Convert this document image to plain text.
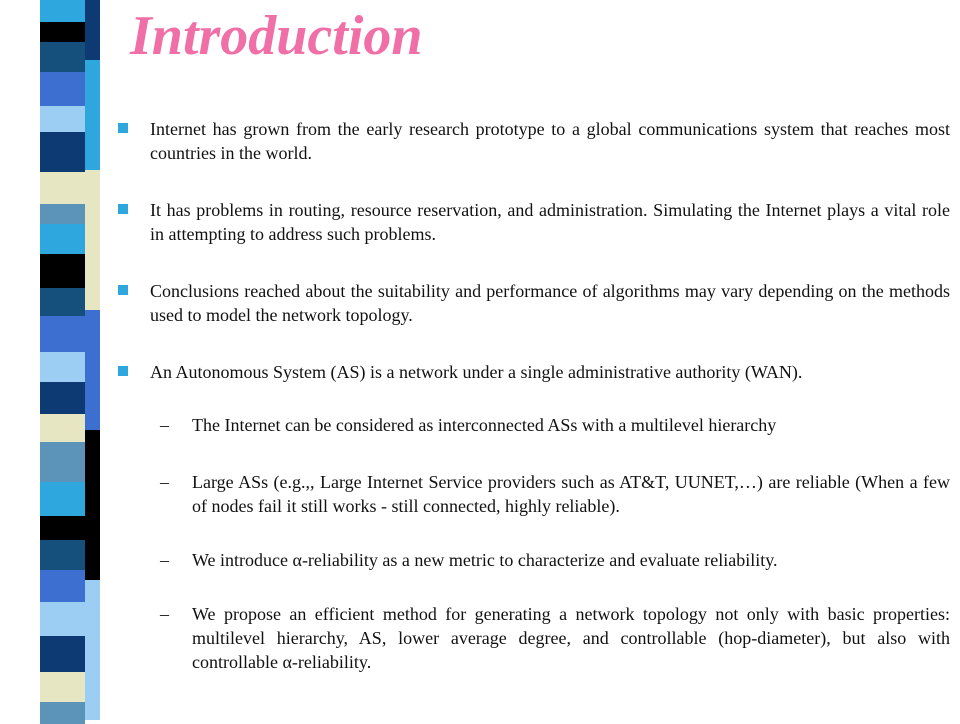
Introduction
Internet has grown from the early research prototype to a global communications system that reaches most countries in the world.
It has problems in routing, resource reservation, and administration. Simulating the Internet plays a vital role in attempting to address such problems.
Conclusions reached about the suitability and performance of algorithms may vary depending on the methods used to model the network topology.
An Autonomous System (AS) is a network under a single administrative authority (WAN).
– The Internet can be considered as interconnected ASs with a multilevel hierarchy
– Large ASs (e.g.,, Large Internet Service providers such as AT&T, UUNET,…) are reliable (When a few of nodes fail it still works - still connected, highly reliable).
– We introduce α-reliability as a new metric to characterize and evaluate reliability.
– We propose an efficient method for generating a network topology not only with basic properties: multilevel hierarchy, AS, lower average degree, and controllable (hop-diameter), but also with controllable α-reliability.
